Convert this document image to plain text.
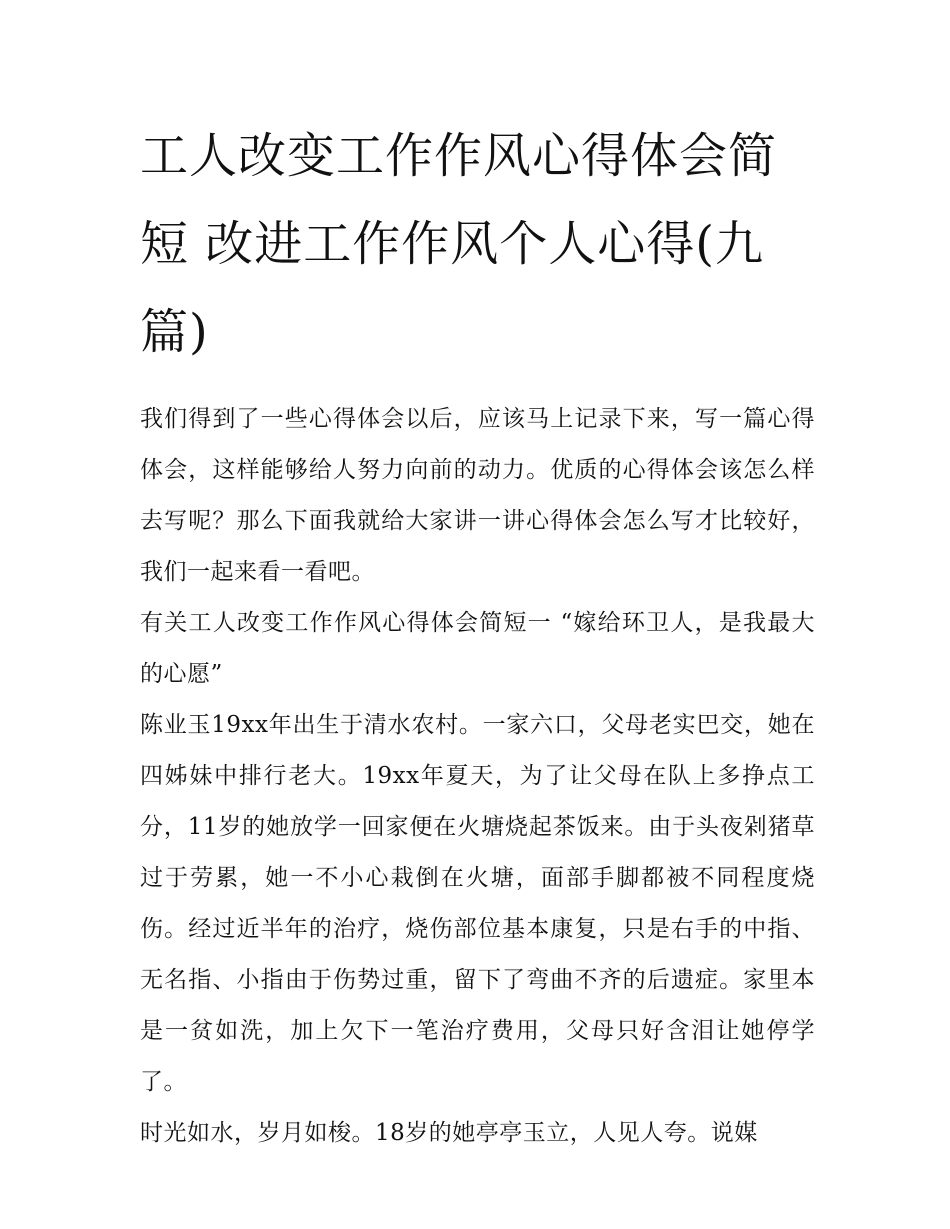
工人改变工作作风心得体会简短 改进工作作风个人心得(九篇)

我们得到了一些心得体会以后，应该马上记录下来，写一篇心得体会，这样能够给人努力向前的动力。优质的心得体会该怎么样去写呢？那么下面我就给大家讲一讲心得体会怎么写才比较好，我们一起来看一看吧。

有关工人改变工作作风心得体会简短一 “嫁给环卫人，是我最大的心愿”

陈业玉19xx年出生于清水农村。一家六口，父母老实巴交，她在四姊妹中排行老大。19xx年夏天，为了让父母在队上多挣点工分，11岁的她放学一回家便在火塘烧起茶饭来。由于头夜剁猪草过于劳累，她一不小心栽倒在火塘，面部手脚都被不同程度烧伤。经过近半年的治疗，烧伤部位基本康复，只是右手的中指、无名指、小指由于伤势过重，留下了弯曲不齐的后遗症。家里本是一贫如洗，加上欠下一笔治疗费用，父母只好含泪让她停学了。

时光如水，岁月如梭。18岁的她亭亭玉立，人见人夸。说媒
